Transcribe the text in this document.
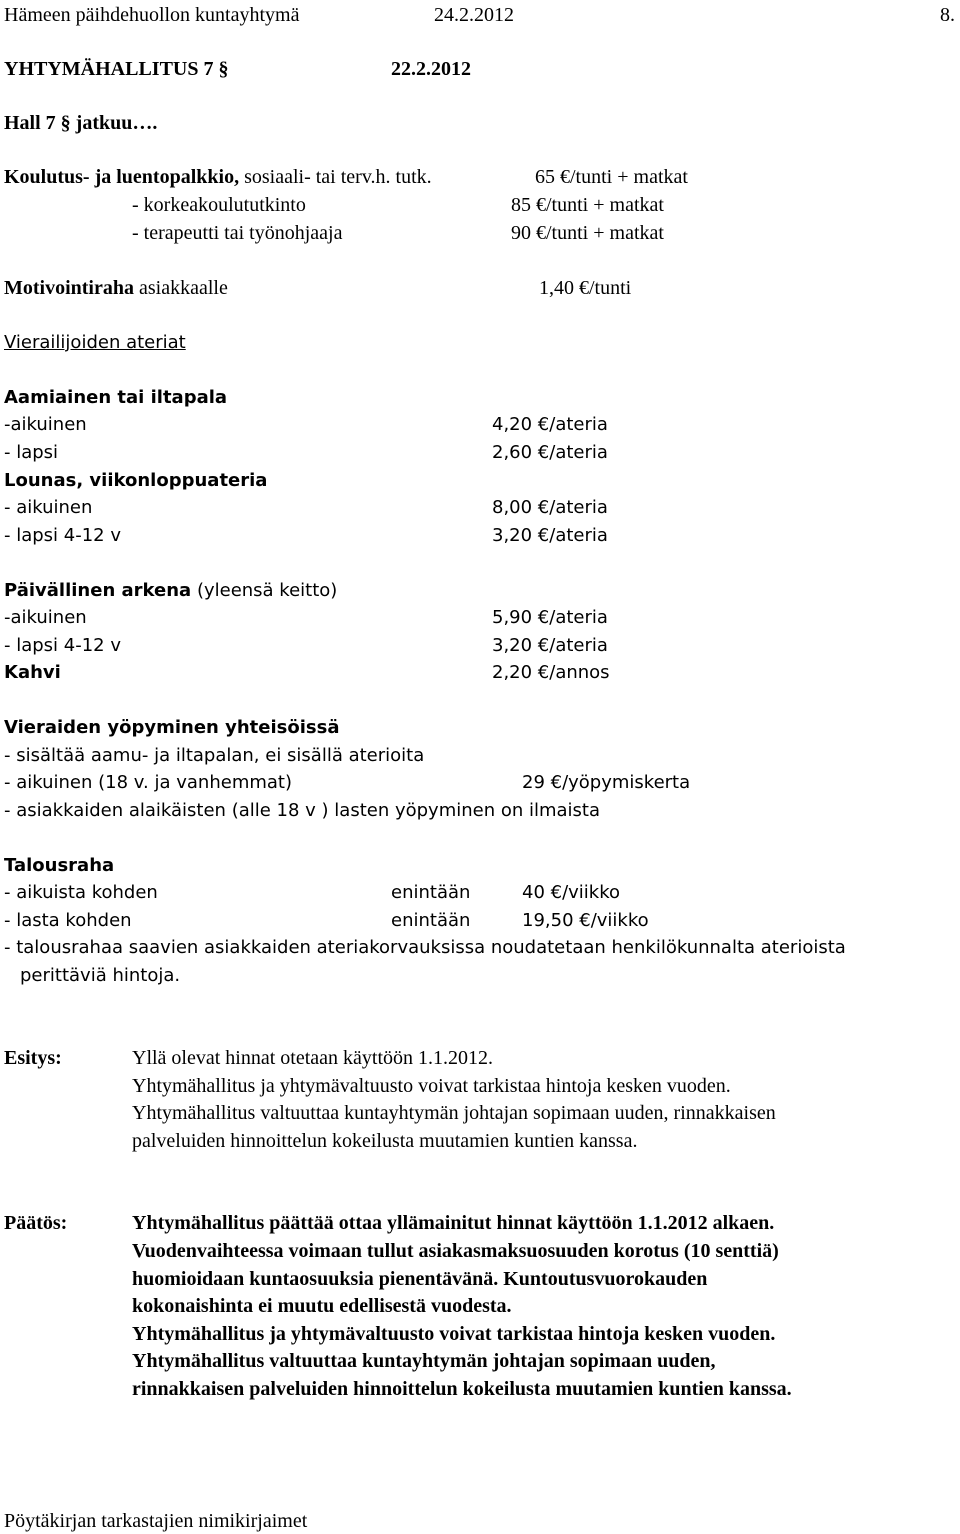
Hämeen päihdehuollon kuntayhtymä	24.2.2012	8.
YHTYMÄHALLITUS 7 §	22.2.2012
Hall 7 § jatkuu….
Koulutus- ja luentopalkkio, sosiaali- tai terv.h. tutk.	65 €/tunti + matkat
- korkeakoulututkinto	85 €/tunti + matkat
- terapeutti tai työnohjaaja	90 €/tunti + matkat
Motivointiraha asiakkaalle	1,40 €/tunti
Vierailijoiden ateriat
Aamiainen tai iltapala
-aikuinen	4,20 €/ateria
- lapsi	2,60 €/ateria
Lounas, viikonloppuateria
- aikuinen	8,00 €/ateria
- lapsi 4-12 v	3,20 €/ateria
Päivällinen arkena (yleensä keitto)
-aikuinen	5,90 €/ateria
- lapsi 4-12 v	3,20 €/ateria
Kahvi	2,20 €/annos
Vieraiden yöpyminen yhteisöissä
- sisältää aamu- ja iltapalan, ei sisällä aterioita
- aikuinen (18 v. ja vanhemmat)	29 €/yöpymiskerta
- asiakkaiden alaikäisten (alle 18 v ) lasten yöpyminen on ilmaista
Talousraha
- aikuista kohden	enintään	40 €/viikko
- lasta kohden	enintään	19,50 €/viikko
- talousrahaa saavien asiakkaiden ateriakorvauksissa noudatetaan henkilökunnalta aterioista
perittäviä hintoja.
Esitys:	Yllä olevat hinnat otetaan käyttöön 1.1.2012.
Yhtymähallitus ja yhtymävaltuusto voivat tarkistaa hintoja kesken vuoden.
Yhtymähallitus valtuuttaa kuntayhtymän johtajan sopimaan uuden, rinnakkaisen
palveluiden hinnoittelun kokeilusta muutamien kuntien kanssa.
Päätös:	Yhtymähallitus päättää ottaa yllämainitut hinnat käyttöön 1.1.2012 alkaen.
Vuodenvaihteessa voimaan tullut asiakasmaksuosuuden korotus (10 senttiä)
huomioidaan kuntaosuuksia pienentävänä. Kuntoutusvuorokauden
kokonaishinta ei muutu edellisestä vuodesta.
Yhtymähallitus ja yhtymävaltuusto voivat tarkistaa hintoja kesken vuoden.
Yhtymähallitus valtuuttaa kuntayhtymän johtajan sopimaan uuden,
rinnakkaisen palveluiden hinnoittelun kokeilusta muutamien kuntien kanssa.
Pöytäkirjan tarkastajien nimikirjaimet
